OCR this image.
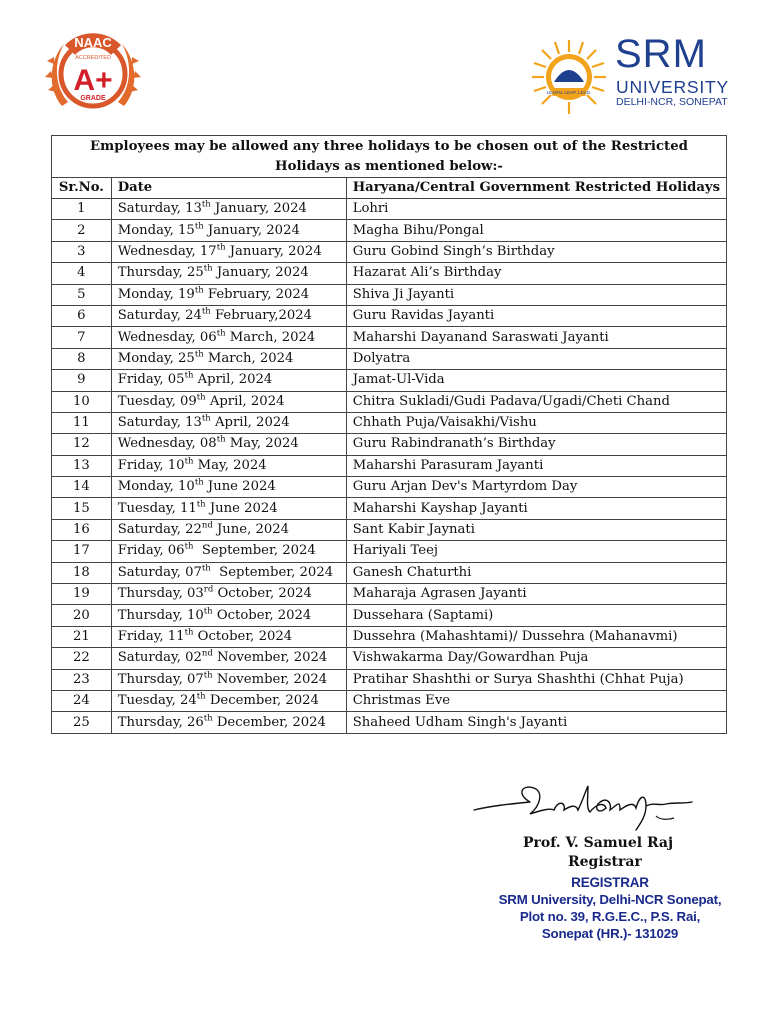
NAAC
ACCREDITED
A+
GRADE
LEARN. LEAP. LEAD.
SRM
UNIVERSITY
DELHI-NCR, SONEPAT
Employees may be allowed any three holidays to be chosen out of the Restricted Holidays as mentioned below:-		
Sr.No.	Date	Haryana/Central Government Restricted Holidays
1	Saturday, 13th January, 2024	Lohri
2	Monday, 15th January, 2024	Magha Bihu/Pongal
3	Wednesday, 17th January, 2024	Guru Gobind Singh’s Birthday
4	Thursday, 25th January, 2024	Hazarat Ali’s Birthday
5	Monday, 19th February, 2024	Shiva Ji Jayanti
6	Saturday, 24th February,2024	Guru Ravidas Jayanti
7	Wednesday, 06th March, 2024	Maharshi Dayanand Saraswati Jayanti
8	Monday, 25th March, 2024	Dolyatra
9	Friday, 05th April, 2024	Jamat-Ul-Vida
10	Tuesday, 09th April, 2024	Chitra Sukladi/Gudi Padava/Ugadi/Cheti Chand
11	Saturday, 13th April, 2024	Chhath Puja/Vaisakhi/Vishu
12	Wednesday, 08th May, 2024	Guru Rabindranath’s Birthday
13	Friday, 10th May, 2024	Maharshi Parasuram Jayanti
14	Monday, 10th June 2024	Guru Arjan Dev's Martyrdom Day
15	Tuesday, 11th June 2024	Maharshi Kayshap Jayanti
16	Saturday, 22nd June, 2024	Sant Kabir Jaynati
17	Friday, 06th  September, 2024	Hariyali Teej
18	Saturday, 07th  September, 2024	Ganesh Chaturthi
19	Thursday, 03rd October, 2024	Maharaja Agrasen Jayanti
20	Thursday, 10th October, 2024	Dussehara (Saptami)
21	Friday, 11th October, 2024	Dussehra (Mahashtami)/ Dussehra (Mahanavmi)
22	Saturday, 02nd November, 2024	Vishwakarma Day/Gowardhan Puja
23	Thursday, 07th November, 2024	Pratihar Shashthi or Surya Shashthi (Chhat Puja)
24	Tuesday, 24th December, 2024	Christmas Eve
25	Thursday, 26th December, 2024	Shaheed Udham Singh's Jayanti
Prof. V. Samuel Raj
Registrar
REGISTRAR
SRM University, Delhi-NCR Sonepat,
Plot no. 39, R.G.E.C., P.S. Rai,
Sonepat (HR.)- 131029
